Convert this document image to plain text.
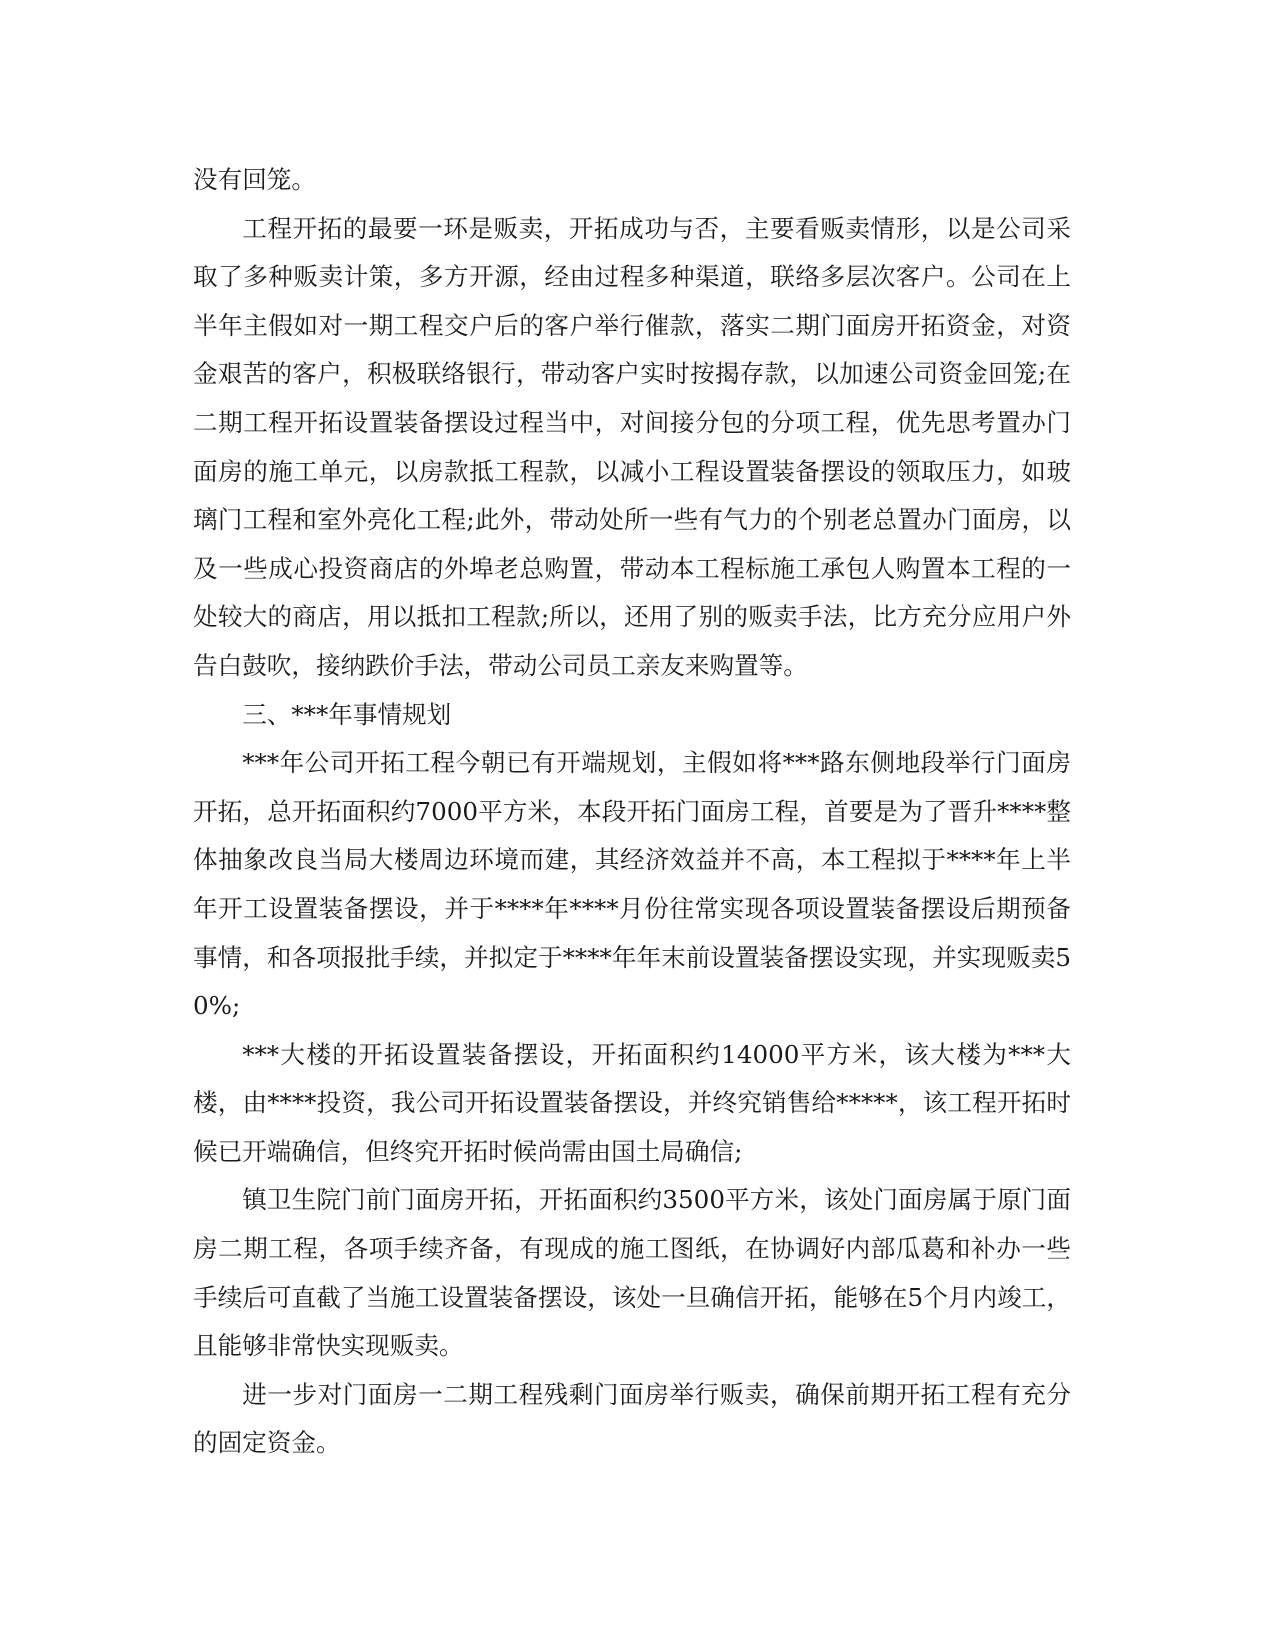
没有回笼。

工程开拓的最要一环是贩卖，开拓成功与否，主要看贩卖情形，以是公司采取了多种贩卖计策，多方开源，经由过程多种渠道，联络多层次客户。公司在上半年主假如对一期工程交户后的客户举行催款，落实二期门面房开拓资金，对资金艰苦的客户，积极联络银行，带动客户实时按揭存款，以加速公司资金回笼;在二期工程开拓设置装备摆设过程当中，对间接分包的分项工程，优先思考置办门面房的施工单元，以房款抵工程款，以减小工程设置装备摆设的领取压力，如玻璃门工程和室外亮化工程;此外，带动处所一些有气力的个别老总置办门面房，以及一些成心投资商店的外埠老总购置，带动本工程标施工承包人购置本工程的一处较大的商店，用以抵扣工程款;所以，还用了别的贩卖手法，比方充分应用户外告白鼓吹，接纳跌价手法，带动公司员工亲友来购置等。

三、***年事情规划

***年公司开拓工程今朝已有开端规划，主假如将***路东侧地段举行门面房开拓，总开拓面积约7000平方米，本段开拓门面房工程，首要是为了晋升****整体抽象改良当局大楼周边环境而建，其经济效益并不高，本工程拟于****年上半年开工设置装备摆设，并于****年****月份往常实现各项设置装备摆设后期预备事情，和各项报批手续，并拟定于****年年末前设置装备摆设实现，并实现贩卖50%;

***大楼的开拓设置装备摆设，开拓面积约14000平方米，该大楼为***大楼，由****投资，我公司开拓设置装备摆设，并终究销售给*****，该工程开拓时候已开端确信，但终究开拓时候尚需由国土局确信;

镇卫生院门前门面房开拓，开拓面积约3500平方米，该处门面房属于原门面房二期工程，各项手续齐备，有现成的施工图纸，在协调好内部瓜葛和补办一些手续后可直截了当施工设置装备摆设，该处一旦确信开拓，能够在5个月内竣工，且能够非常快实现贩卖。

进一步对门面房一二期工程残剩门面房举行贩卖，确保前期开拓工程有充分的固定资金。
